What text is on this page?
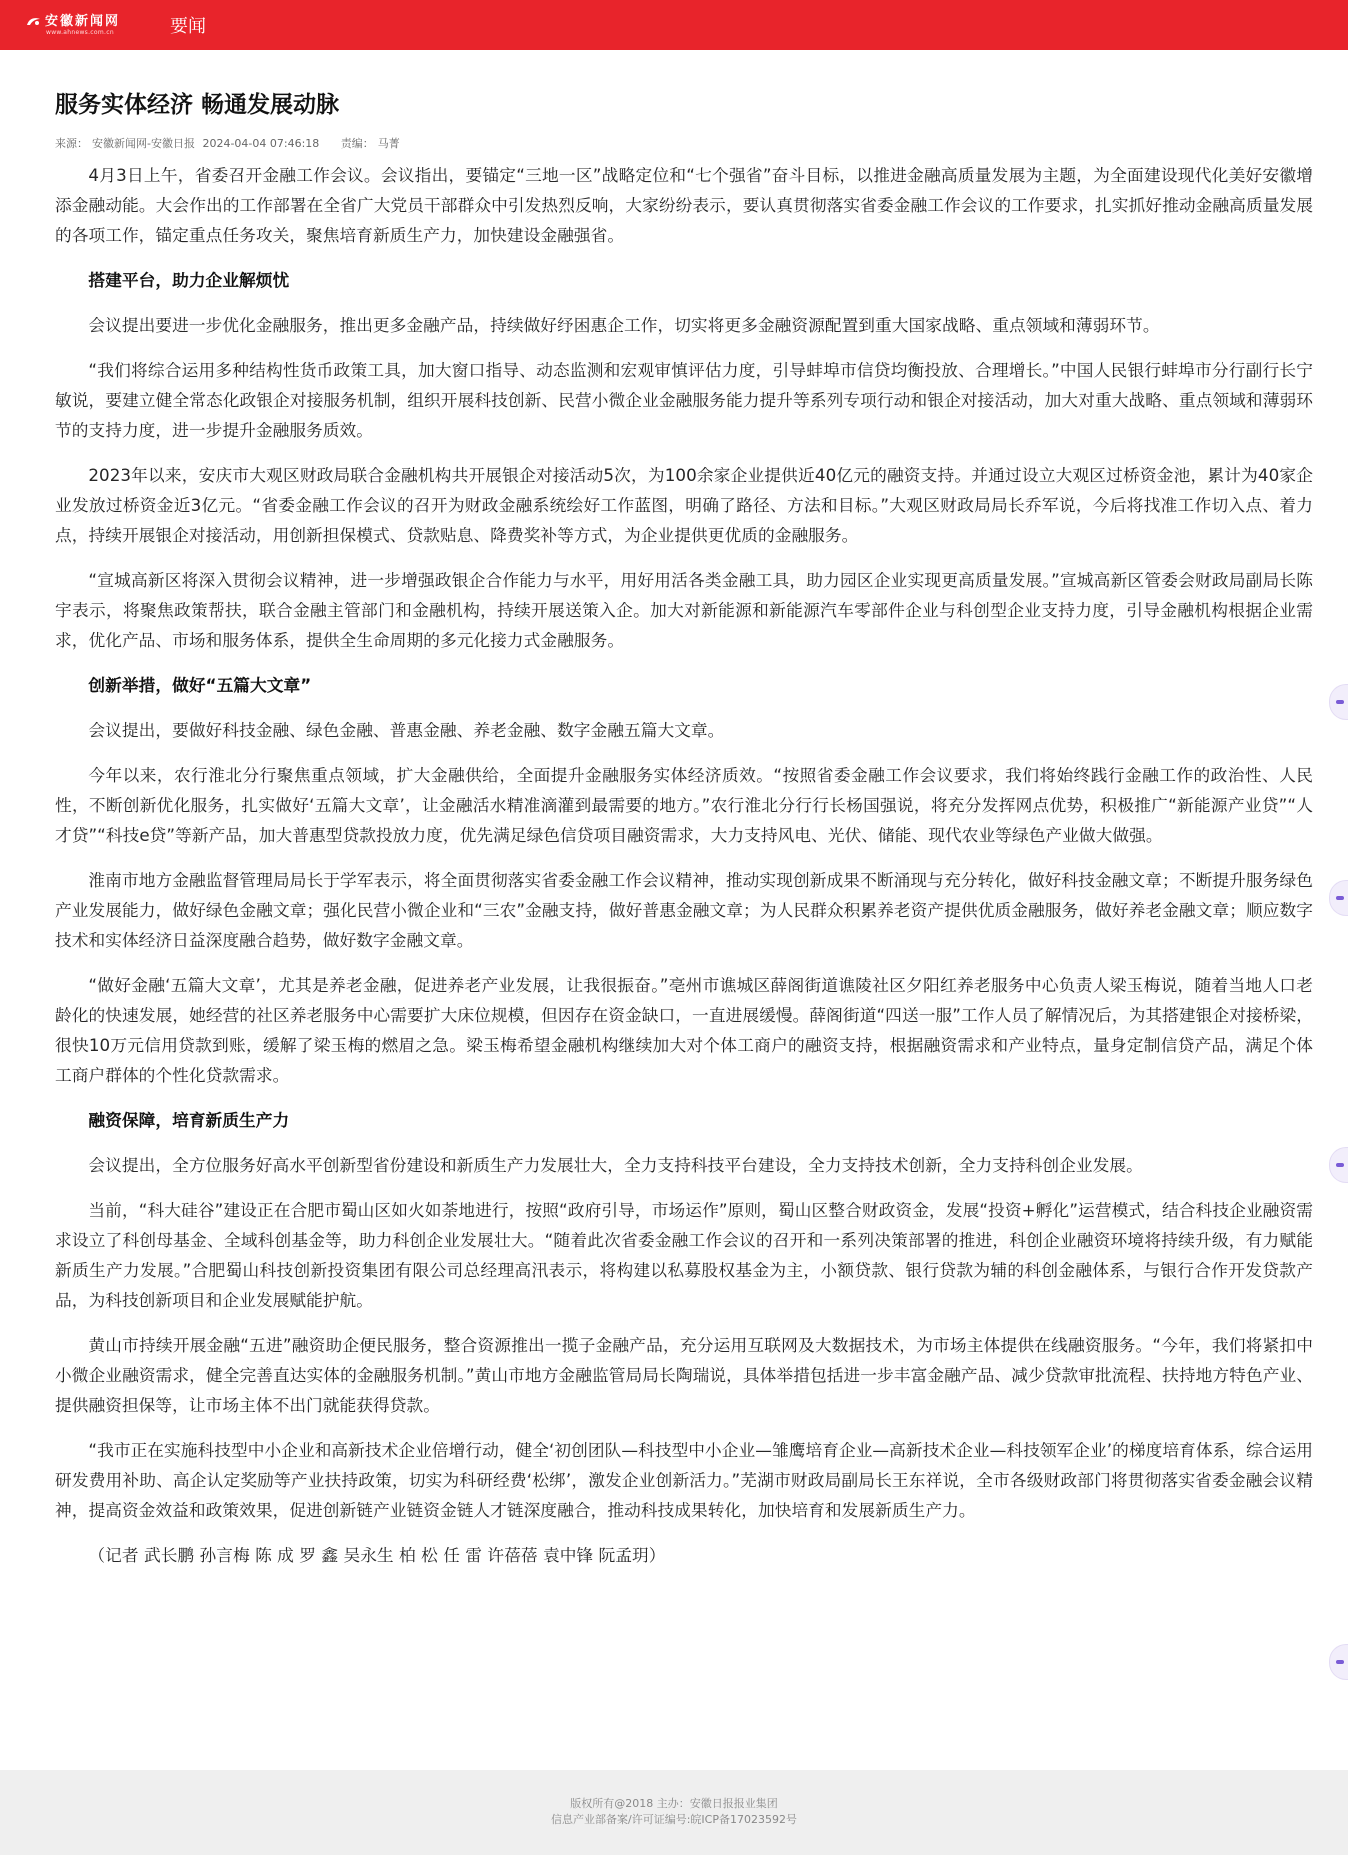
安徽新闻网
www.ahnews.com.cn	要闻
服务实体经济 畅通发展动脉
来源： 安徽新闻网-安徽日报 2024-04-04 07:46:18 责编： 马菁

4月3日上午，省委召开金融工作会议。会议指出，要锚定“三地一区”战略定位和“七个强省”奋斗目标，以推进金融高质量发展为主题，为全面建设现代化美好安徽增添金融动能。大会作出的工作部署在全省广大党员干部群众中引发热烈反响，大家纷纷表示，要认真贯彻落实省委金融工作会议的工作要求，扎实抓好推动金融高质量发展的各项工作，锚定重点任务攻关，聚焦培育新质生产力，加快建设金融强省。

搭建平台，助力企业解烦忧

会议提出要进一步优化金融服务，推出更多金融产品，持续做好纾困惠企工作，切实将更多金融资源配置到重大国家战略、重点领域和薄弱环节。

“我们将综合运用多种结构性货币政策工具，加大窗口指导、动态监测和宏观审慎评估力度，引导蚌埠市信贷均衡投放、合理增长。”中国人民银行蚌埠市分行副行长宁敏说，要建立健全常态化政银企对接服务机制，组织开展科技创新、民营小微企业金融服务能力提升等系列专项行动和银企对接活动，加大对重大战略、重点领域和薄弱环节的支持力度，进一步提升金融服务质效。

2023年以来，安庆市大观区财政局联合金融机构共开展银企对接活动5次，为100余家企业提供近40亿元的融资支持。并通过设立大观区过桥资金池，累计为40家企业发放过桥资金近3亿元。“省委金融工作会议的召开为财政金融系统绘好工作蓝图，明确了路径、方法和目标。”大观区财政局局长乔军说，今后将找准工作切入点、着力点，持续开展银企对接活动，用创新担保模式、贷款贴息、降费奖补等方式，为企业提供更优质的金融服务。

“宣城高新区将深入贯彻会议精神，进一步增强政银企合作能力与水平，用好用活各类金融工具，助力园区企业实现更高质量发展。”宣城高新区管委会财政局副局长陈宇表示，将聚焦政策帮扶，联合金融主管部门和金融机构，持续开展送策入企。加大对新能源和新能源汽车零部件企业与科创型企业支持力度，引导金融机构根据企业需求，优化产品、市场和服务体系，提供全生命周期的多元化接力式金融服务。

创新举措，做好“五篇大文章”

会议提出，要做好科技金融、绿色金融、普惠金融、养老金融、数字金融五篇大文章。

今年以来，农行淮北分行聚焦重点领域，扩大金融供给，全面提升金融服务实体经济质效。“按照省委金融工作会议要求，我们将始终践行金融工作的政治性、人民性，不断创新优化服务，扎实做好‘五篇大文章’，让金融活水精准滴灌到最需要的地方。”农行淮北分行行长杨国强说，将充分发挥网点优势，积极推广“新能源产业贷”“人才贷”“科技e贷”等新产品，加大普惠型贷款投放力度，优先满足绿色信贷项目融资需求，大力支持风电、光伏、储能、现代农业等绿色产业做大做强。

淮南市地方金融监督管理局局长于学军表示，将全面贯彻落实省委金融工作会议精神，推动实现创新成果不断涌现与充分转化，做好科技金融文章；不断提升服务绿色产业发展能力，做好绿色金融文章；强化民营小微企业和“三农”金融支持，做好普惠金融文章；为人民群众积累养老资产提供优质金融服务，做好养老金融文章；顺应数字技术和实体经济日益深度融合趋势，做好数字金融文章。

“做好金融‘五篇大文章’，尤其是养老金融，促进养老产业发展，让我很振奋。”亳州市谯城区薛阁街道谯陵社区夕阳红养老服务中心负责人梁玉梅说，随着当地人口老龄化的快速发展，她经营的社区养老服务中心需要扩大床位规模，但因存在资金缺口，一直进展缓慢。薛阁街道“四送一服”工作人员了解情况后，为其搭建银企对接桥梁，很快10万元信用贷款到账，缓解了梁玉梅的燃眉之急。梁玉梅希望金融机构继续加大对个体工商户的融资支持，根据融资需求和产业特点，量身定制信贷产品，满足个体工商户群体的个性化贷款需求。

融资保障，培育新质生产力

会议提出，全方位服务好高水平创新型省份建设和新质生产力发展壮大，全力支持科技平台建设，全力支持技术创新，全力支持科创企业发展。

当前，“科大硅谷”建设正在合肥市蜀山区如火如荼地进行，按照“政府引导，市场运作”原则，蜀山区整合财政资金，发展“投资+孵化”运营模式，结合科技企业融资需求设立了科创母基金、全域科创基金等，助力科创企业发展壮大。“随着此次省委金融工作会议的召开和一系列决策部署的推进，科创企业融资环境将持续升级，有力赋能新质生产力发展。”合肥蜀山科技创新投资集团有限公司总经理高汛表示，将构建以私募股权基金为主，小额贷款、银行贷款为辅的科创金融体系，与银行合作开发贷款产品，为科技创新项目和企业发展赋能护航。

黄山市持续开展金融“五进”融资助企便民服务，整合资源推出一揽子金融产品，充分运用互联网及大数据技术，为市场主体提供在线融资服务。“今年，我们将紧扣中小微企业融资需求，健全完善直达实体的金融服务机制。”黄山市地方金融监管局局长陶瑞说，具体举措包括进一步丰富金融产品、减少贷款审批流程、扶持地方特色产业、提供融资担保等，让市场主体不出门就能获得贷款。

“我市正在实施科技型中小企业和高新技术企业倍增行动，健全‘初创团队—科技型中小企业—雏鹰培育企业—高新技术企业—科技领军企业’的梯度培育体系，综合运用研发费用补助、高企认定奖励等产业扶持政策，切实为科研经费‘松绑’，激发企业创新活力。”芜湖市财政局副局长王东祥说，全市各级财政部门将贯彻落实省委金融会议精神，提高资金效益和政策效果，促进创新链产业链资金链人才链深度融合，推动科技成果转化，加快培育和发展新质生产力。

（记者 武长鹏 孙言梅 陈 成 罗 鑫 吴永生 柏 松 任 雷 许蓓蓓 袁中锋 阮孟玥）

版权所有@2018 主办：安徽日报报业集团
信息产业部备案/许可证编号:皖ICP备17023592号
